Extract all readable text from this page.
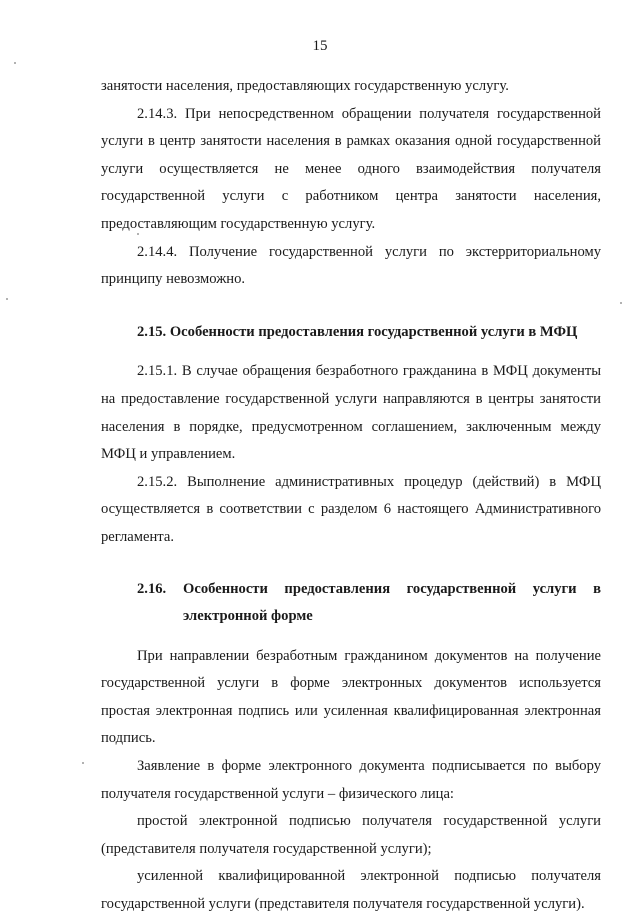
15

занятости населения, предоставляющих государственную услугу.

2.14.3. При непосредственном обращении получателя государственной услуги в центр занятости населения в рамках оказания одной государственной услуги осуществляется не менее одного взаимодействия получателя государственной услуги с работником центра занятости населения, предоставляющим государственную услугу.

2.14.4. Получение государственной услуги по экстерриториальному принципу невозможно.

2.15. Особенности предоставления государственной услуги в МФЦ

2.15.1. В случае обращения безработного гражданина в МФЦ документы на предоставление государственной услуги направляются в центры занятости населения в порядке, предусмотренном соглашением, заключенным между МФЦ и управлением.

2.15.2. Выполнение административных процедур (действий) в МФЦ осуществляется в соответствии с разделом 6 настоящего Административного регламента.

2.16.	Особенности предоставления государственной услуги в электронной форме

При направлении безработным гражданином документов на получение государственной услуги в форме электронных документов используется простая электронная подпись или усиленная квалифицированная электронная подпись.

Заявление в форме электронного документа подписывается по выбору получателя государственной услуги – физического лица:

простой электронной подписью получателя государственной услуги (представителя получателя государственной услуги);

усиленной квалифицированной электронной подписью получателя государственной услуги (представителя получателя государственной услуги).
